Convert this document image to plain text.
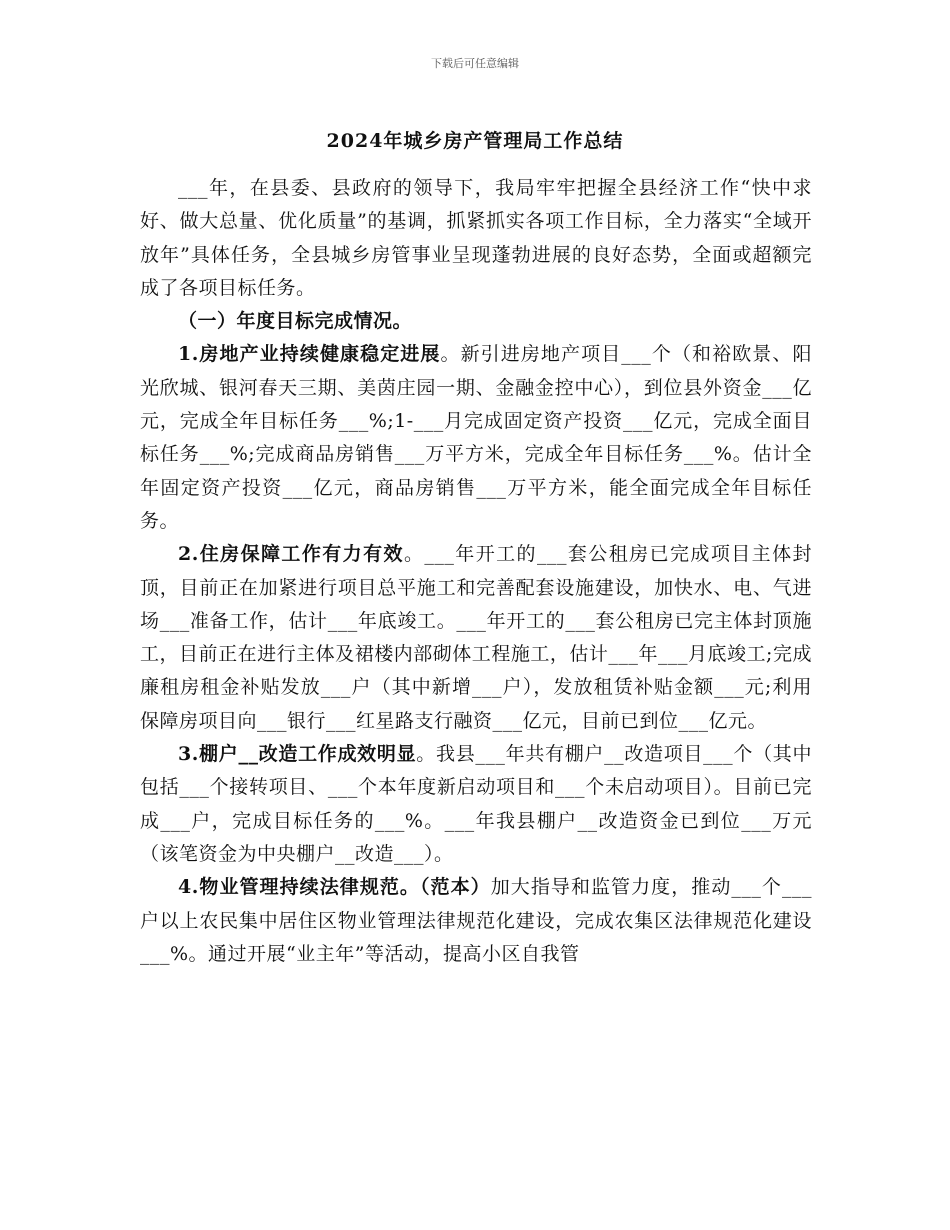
下载后可任意编辑
2024年城乡房产管理局工作总结

___年，在县委、县政府的领导下，我局牢牢把握全县经济工作“快中求好、做大总量、优化质量”的基调，抓紧抓实各项工作目标，全力落实“全域开放年”具体任务，全县城乡房管事业呈现蓬勃进展的良好态势，全面或超额完成了各项目标任务。

（一）年度目标完成情况。

1.房地产业持续健康稳定进展。新引进房地产项目___个（和裕欧景、阳光欣城、银河春天三期、美茵庄园一期、金融金控中心），到位县外资金___亿元，完成全年目标任务___%;1-___月完成固定资产投资___亿元，完成全面目标任务___%;完成商品房销售___万平方米，完成全年目标任务___%。估计全年固定资产投资___亿元，商品房销售___万平方米，能全面完成全年目标任务。

2.住房保障工作有力有效。___年开工的___套公租房已完成项目主体封顶，目前正在加紧进行项目总平施工和完善配套设施建设，加快水、电、气进场___准备工作，估计___年底竣工。___年开工的___套公租房已完主体封顶施工，目前正在进行主体及裙楼内部砌体工程施工，估计___年___月底竣工;完成廉租房租金补贴发放___户（其中新增___户），发放租赁补贴金额___元;利用保障房项目向___银行___红星路支行融资___亿元，目前已到位___亿元。

3.棚户__改造工作成效明显。我县___年共有棚户__改造项目___个（其中包括___个接转项目、___个本年度新启动项目和___个未启动项目）。目前已完成___户，完成目标任务的___%。___年我县棚户__改造资金已到位___万元（该笔资金为中央棚户__改造___）。

4.物业管理持续法律规范。（范本）加大指导和监管力度，推动___个___户以上农民集中居住区物业管理法律规范化建设，完成农集区法律规范化建设___%。通过开展“业主年”等活动，提高小区自我管
